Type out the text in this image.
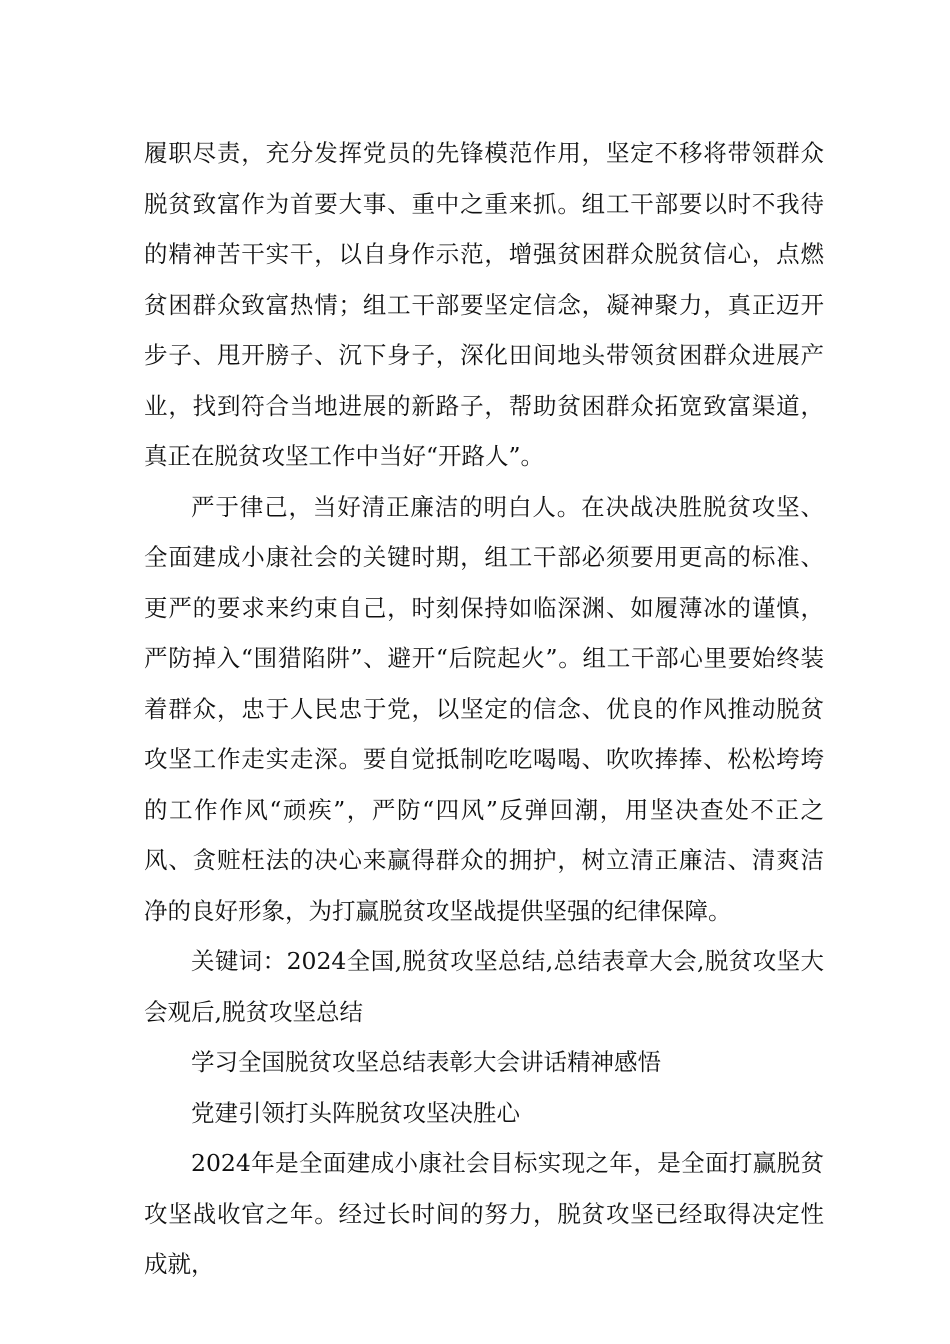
履职尽责，充分发挥党员的先锋模范作用，坚定不移将带领群众脱贫致富作为首要大事、重中之重来抓。组工干部要以时不我待的精神苦干实干，以自身作示范，增强贫困群众脱贫信心，点燃贫困群众致富热情；组工干部要坚定信念，凝神聚力，真正迈开步子、甩开膀子、沉下身子，深化田间地头带领贫困群众进展产业，找到符合当地进展的新路子，帮助贫困群众拓宽致富渠道，真正在脱贫攻坚工作中当好“开路人”。

严于律己，当好清正廉洁的明白人。在决战决胜脱贫攻坚、全面建成小康社会的关键时期，组工干部必须要用更高的标准、更严的要求来约束自己，时刻保持如临深渊、如履薄冰的谨慎，严防掉入“围猎陷阱”、避开“后院起火”。组工干部心里要始终装着群众，忠于人民忠于党，以坚定的信念、优良的作风推动脱贫攻坚工作走实走深。要自觉抵制吃吃喝喝、吹吹捧捧、松松垮垮的工作作风“顽疾”，严防“四风”反弹回潮，用坚决查处不正之风、贪赃枉法的决心来赢得群众的拥护，树立清正廉洁、清爽洁净的良好形象，为打赢脱贫攻坚战提供坚强的纪律保障。

关键词：2024全国,脱贫攻坚总结,总结表章大会,脱贫攻坚大会观后,脱贫攻坚总结

学习全国脱贫攻坚总结表彰大会讲话精神感悟

党建引领打头阵脱贫攻坚决胜心

2024年是全面建成小康社会目标实现之年，是全面打赢脱贫攻坚战收官之年。经过长时间的努力，脱贫攻坚已经取得决定性成就，
